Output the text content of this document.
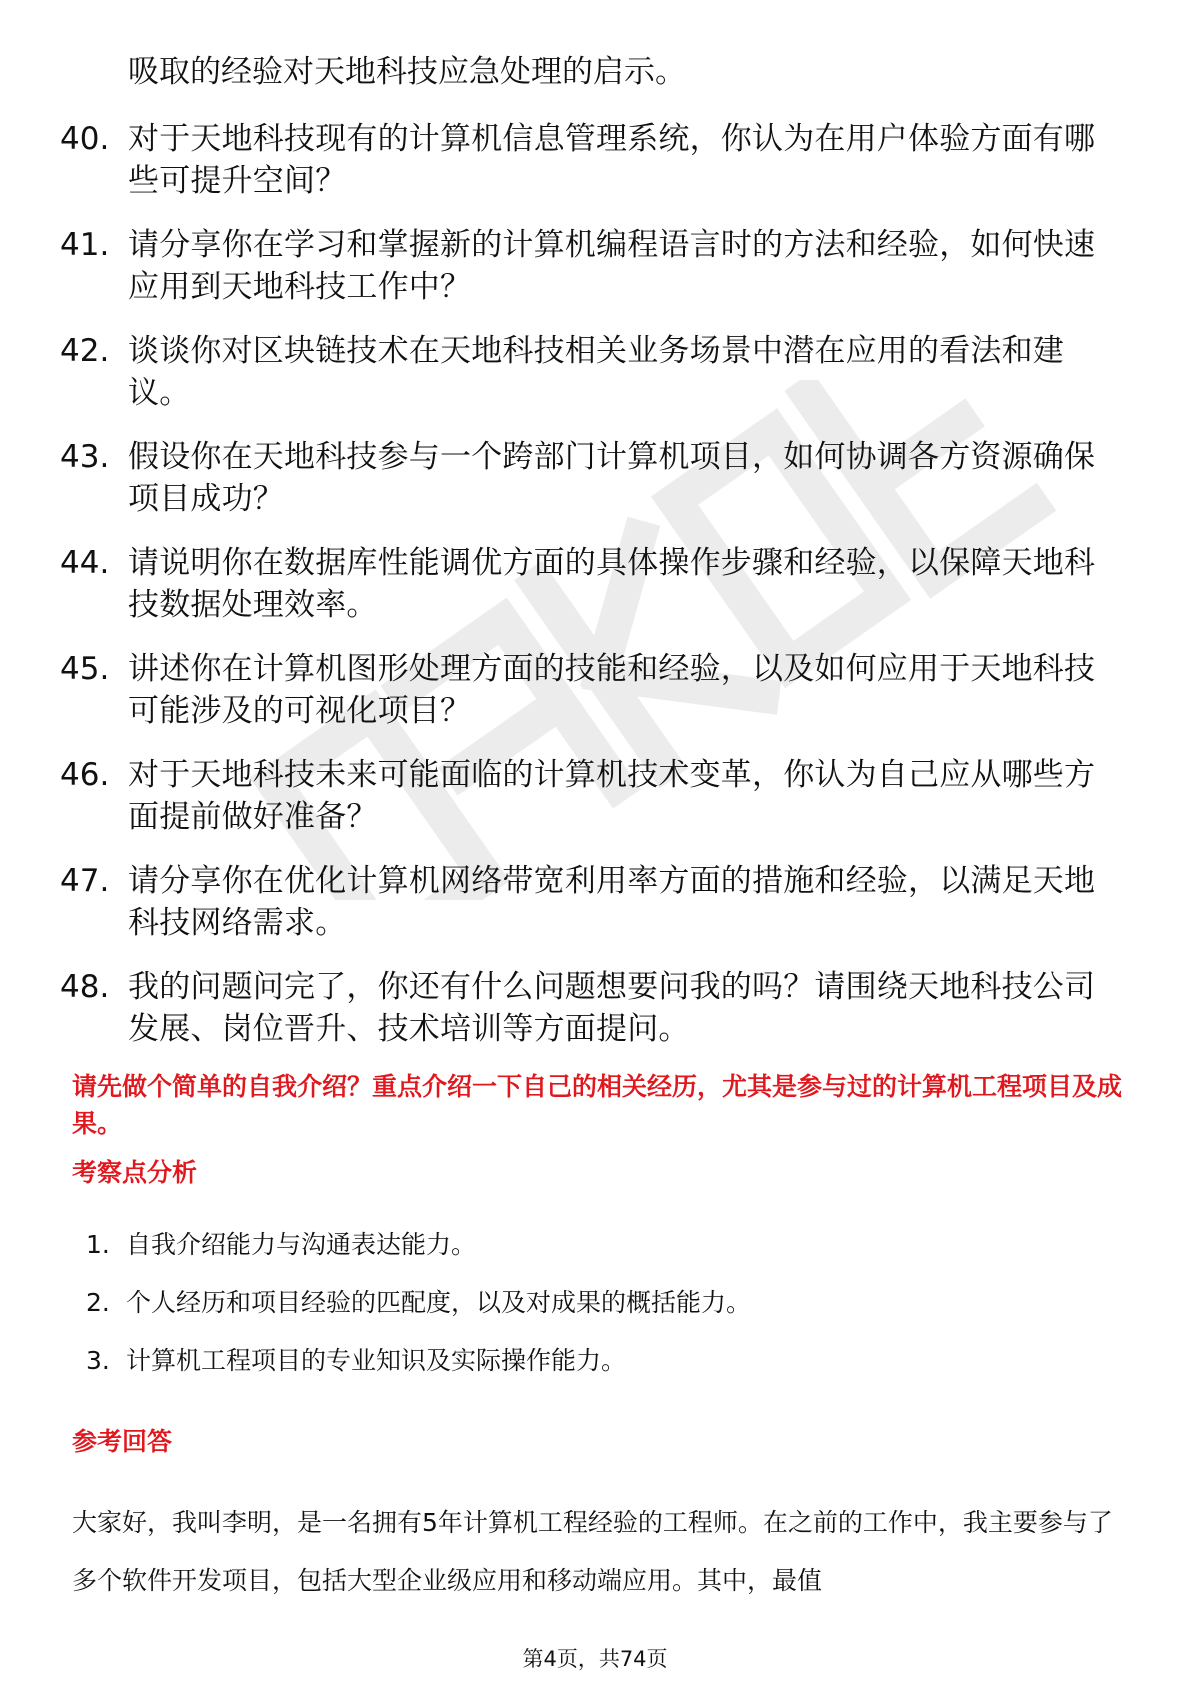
吸取的经验对天地科技应急处理的启示。
40. 对于天地科技现有的计算机信息管理系统，你认为在用户体验方面有哪些可提升空间？
41. 请分享你在学习和掌握新的计算机编程语言时的方法和经验，如何快速应用到天地科技工作中？
42. 谈谈你对区块链技术在天地科技相关业务场景中潜在应用的看法和建议。
43. 假设你在天地科技参与一个跨部门计算机项目，如何协调各方资源确保项目成功？
44. 请说明你在数据库性能调优方面的具体操作步骤和经验，以保障天地科技数据处理效率。
45. 讲述你在计算机图形处理方面的技能和经验，以及如何应用于天地科技可能涉及的可视化项目？
46. 对于天地科技未来可能面临的计算机技术变革，你认为自己应从哪些方面提前做好准备？
47. 请分享你在优化计算机网络带宽利用率方面的措施和经验，以满足天地科技网络需求。
48. 我的问题问完了，你还有什么问题想要问我的吗？请围绕天地科技公司发展、岗位晋升、技术培训等方面提问。
请先做个简单的自我介绍？重点介绍一下自己的相关经历，尤其是参与过的计算机工程项目及成果。
考察点分析
1. 自我介绍能力与沟通表达能力。
2. 个人经历和项目经验的匹配度，以及对成果的概括能力。
3. 计算机工程项目的专业知识及实际操作能力。
参考回答
大家好，我叫李明，是一名拥有5年计算机工程经验的工程师。在之前的工作中，我主要参与了多个软件开发项目，包括大型企业级应用和移动端应用。其中，最值
第4页，共74页
